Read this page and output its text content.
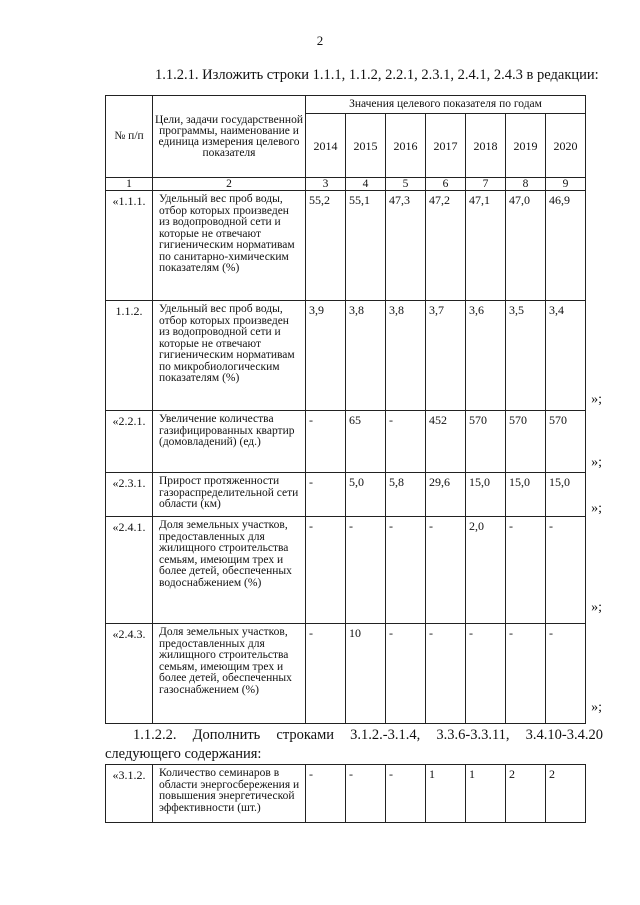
2
1.1.2.1. Изложить строки 1.1.1, 1.1.2, 2.2.1, 2.3.1, 2.4.1, 2.4.3 в редакции:
№ п/п	Цели, задачи государственной программы, наименование и единица измерения целевого показателя	Значения целевого показателя по годам						
		2014	2015	2016	2017	2018	2019	2020
1	2	3	4	5	6	7	8	9
«1.1.1.	Удельный вес проб воды, отбор которых произведен из водопроводной сети и которые не отвечают гигиеническим нормативам по санитарно-химическим показателям (%)	55,2	55,1	47,3	47,2	47,1	47,0	46,9
1.1.2.	Удельный вес проб воды, отбор которых произведен из водопроводной сети и которые не отвечают гигиеническим нормативам по микробиологическим показателям (%)	3,9	3,8	3,8	3,7	3,6	3,5	3,4
«2.2.1.	Увеличение количества газифицированных квартир (домовладений) (ед.)	-	65	-	452	570	570	570
«2.3.1.	Прирост протяженности газораспределительной сети области (км)	-	5,0	5,8	29,6	15,0	15,0	15,0
«2.4.1.	Доля земельных участков, предоставленных для жилищного строительства семьям, имеющим трех и более детей, обеспеченных водоснабжением (%)	-	-	-	-	2,0	-	-
«2.4.3.	Доля земельных участков, предоставленных для жилищного строительства семьям, имеющим трех и более детей, обеспеченных газоснабжением (%)	-	10	-	-	-	-	-
«3.1.2.	Количество семинаров в области энергосбережения и повышения энергетической эффективности (шт.)	-	-	-	1	1	2	2
1.1.2.2. Дополнить строками 3.1.2.-3.1.4, 3.3.6-3.3.11, 3.4.10-3.4.20
следующего содержания:
»;
»;
»;
»;
»;
